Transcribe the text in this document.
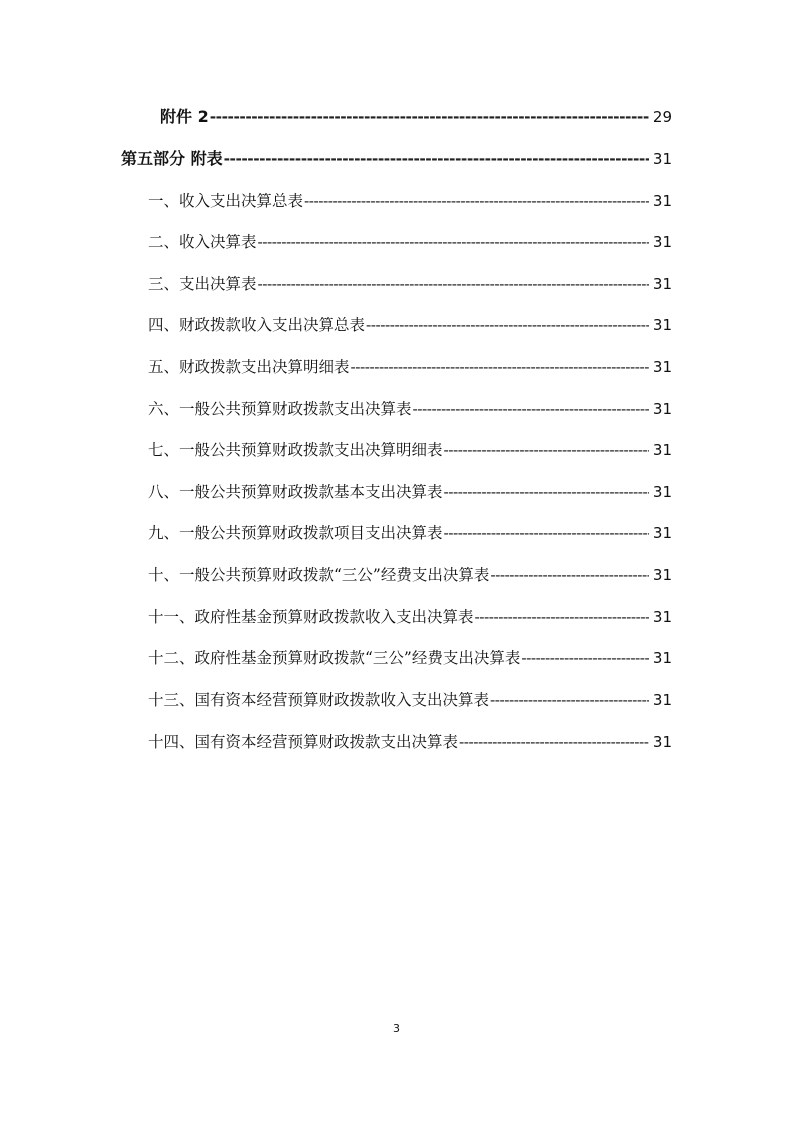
附件 2 -----	29
第五部分 附表 -----	31
一、收入支出决算总表 -----	31
二、收入决算表 -----	31
三、支出决算表 -----	31
四、财政拨款收入支出决算总表 -----	31
五、财政拨款支出决算明细表 -----	31
六、一般公共预算财政拨款支出决算表 -----	31
七、一般公共预算财政拨款支出决算明细表 -----	31
八、一般公共预算财政拨款基本支出决算表 -----	31
九、一般公共预算财政拨款项目支出决算表 -----	31
十、一般公共预算财政拨款“三公”经费支出决算表 -----	31
十一、政府性基金预算财政拨款收入支出决算表 -----	31
十二、政府性基金预算财政拨款“三公”经费支出决算表 -----	31
十三、国有资本经营预算财政拨款收入支出决算表 -----	31
十四、国有资本经营预算财政拨款支出决算表 -----	31
3
